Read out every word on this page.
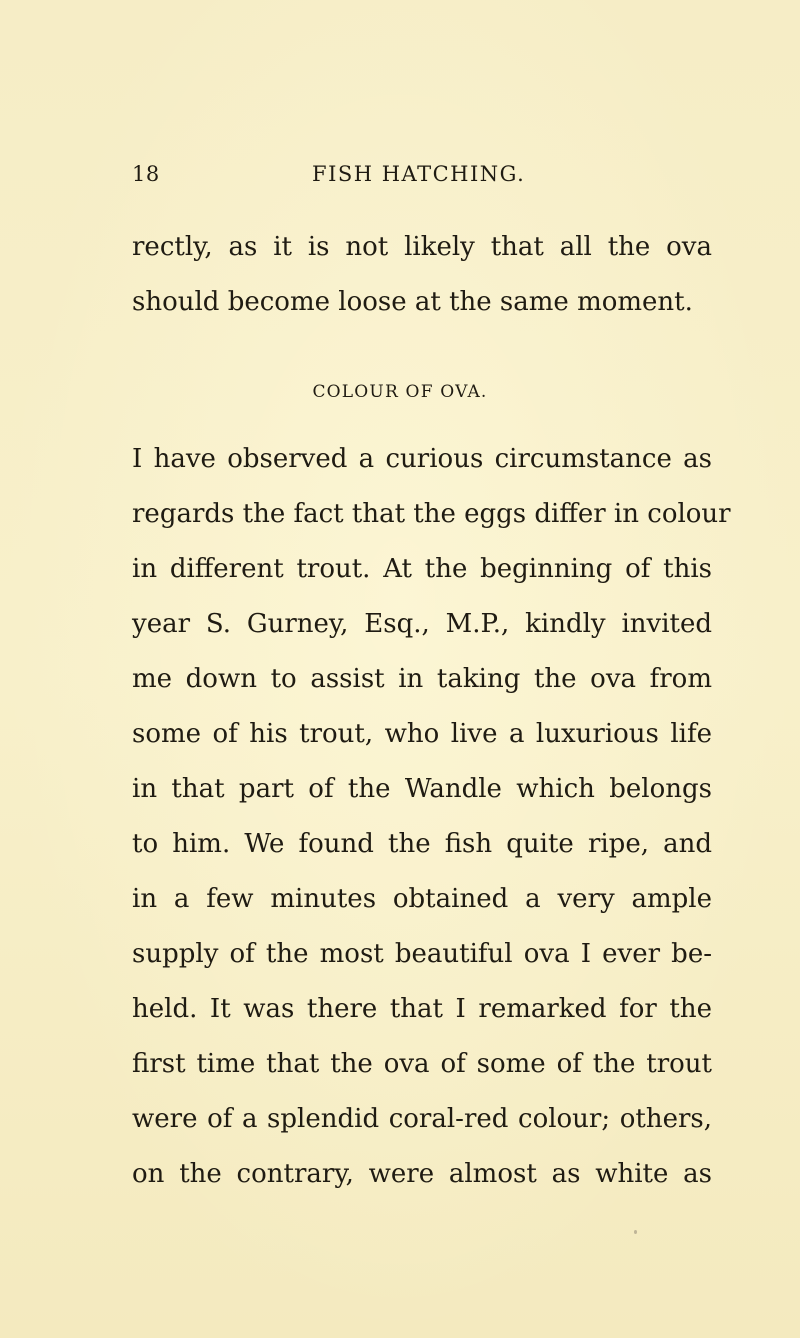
18	FISH HATCHING.
rectly, as it is not likely that all the ova
should become loose at the same moment.
COLOUR OF OVA.
I have observed a curious circumstance as
regards the fact that the eggs differ in colour
in different trout. At the beginning of this
year S. Gurney, Esq., M.P., kindly invited
me down to assist in taking the ova from
some of his trout, who live a luxurious life
in that part of the Wandle which belongs
to him. We found the fish quite ripe, and
in a few minutes obtained a very ample
supply of the most beautiful ova I ever be-
held. It was there that I remarked for the
first time that the ova of some of the trout
were of a splendid coral-red colour; others,
on the contrary, were almost as white as
